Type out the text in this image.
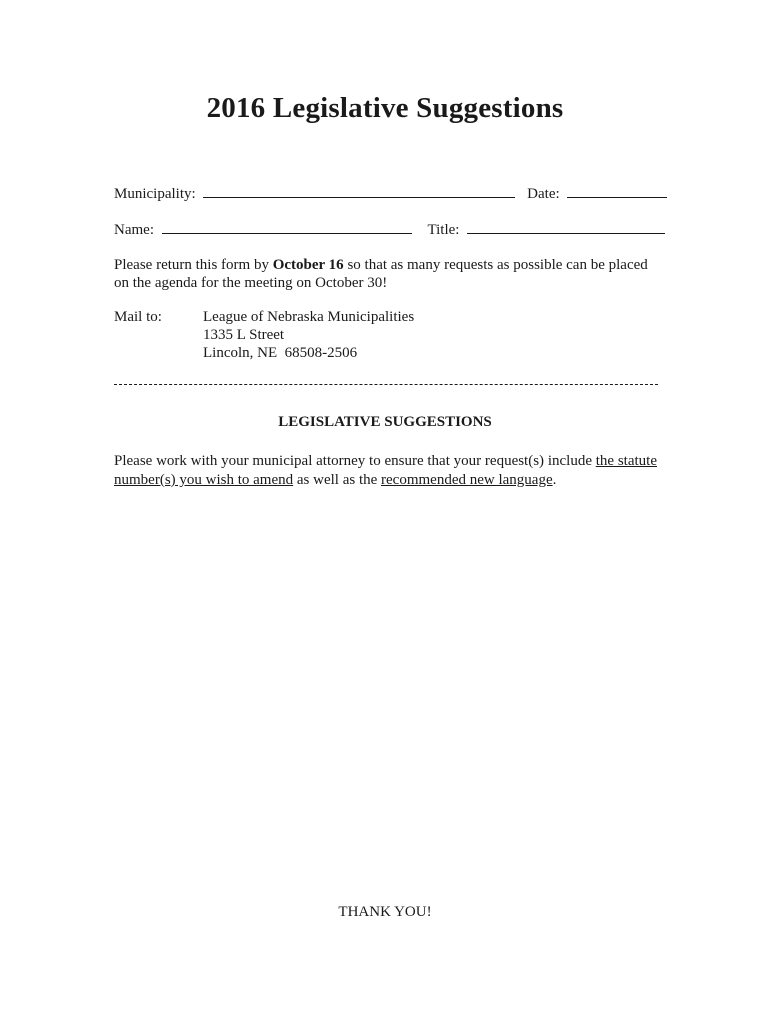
2016 Legislative Suggestions
Municipality:	Date:
Name:	Title:
Please return this form by October 16 so that as many requests as possible can be placed on the agenda for the meeting on October 30!
Mail to:	League of Nebraska Municipalities
1335 L Street
Lincoln, NE  68508-2506
LEGISLATIVE SUGGESTIONS
Please work with your municipal attorney to ensure that your request(s) include the statute number(s) you wish to amend as well as the recommended new language.
THANK YOU!
